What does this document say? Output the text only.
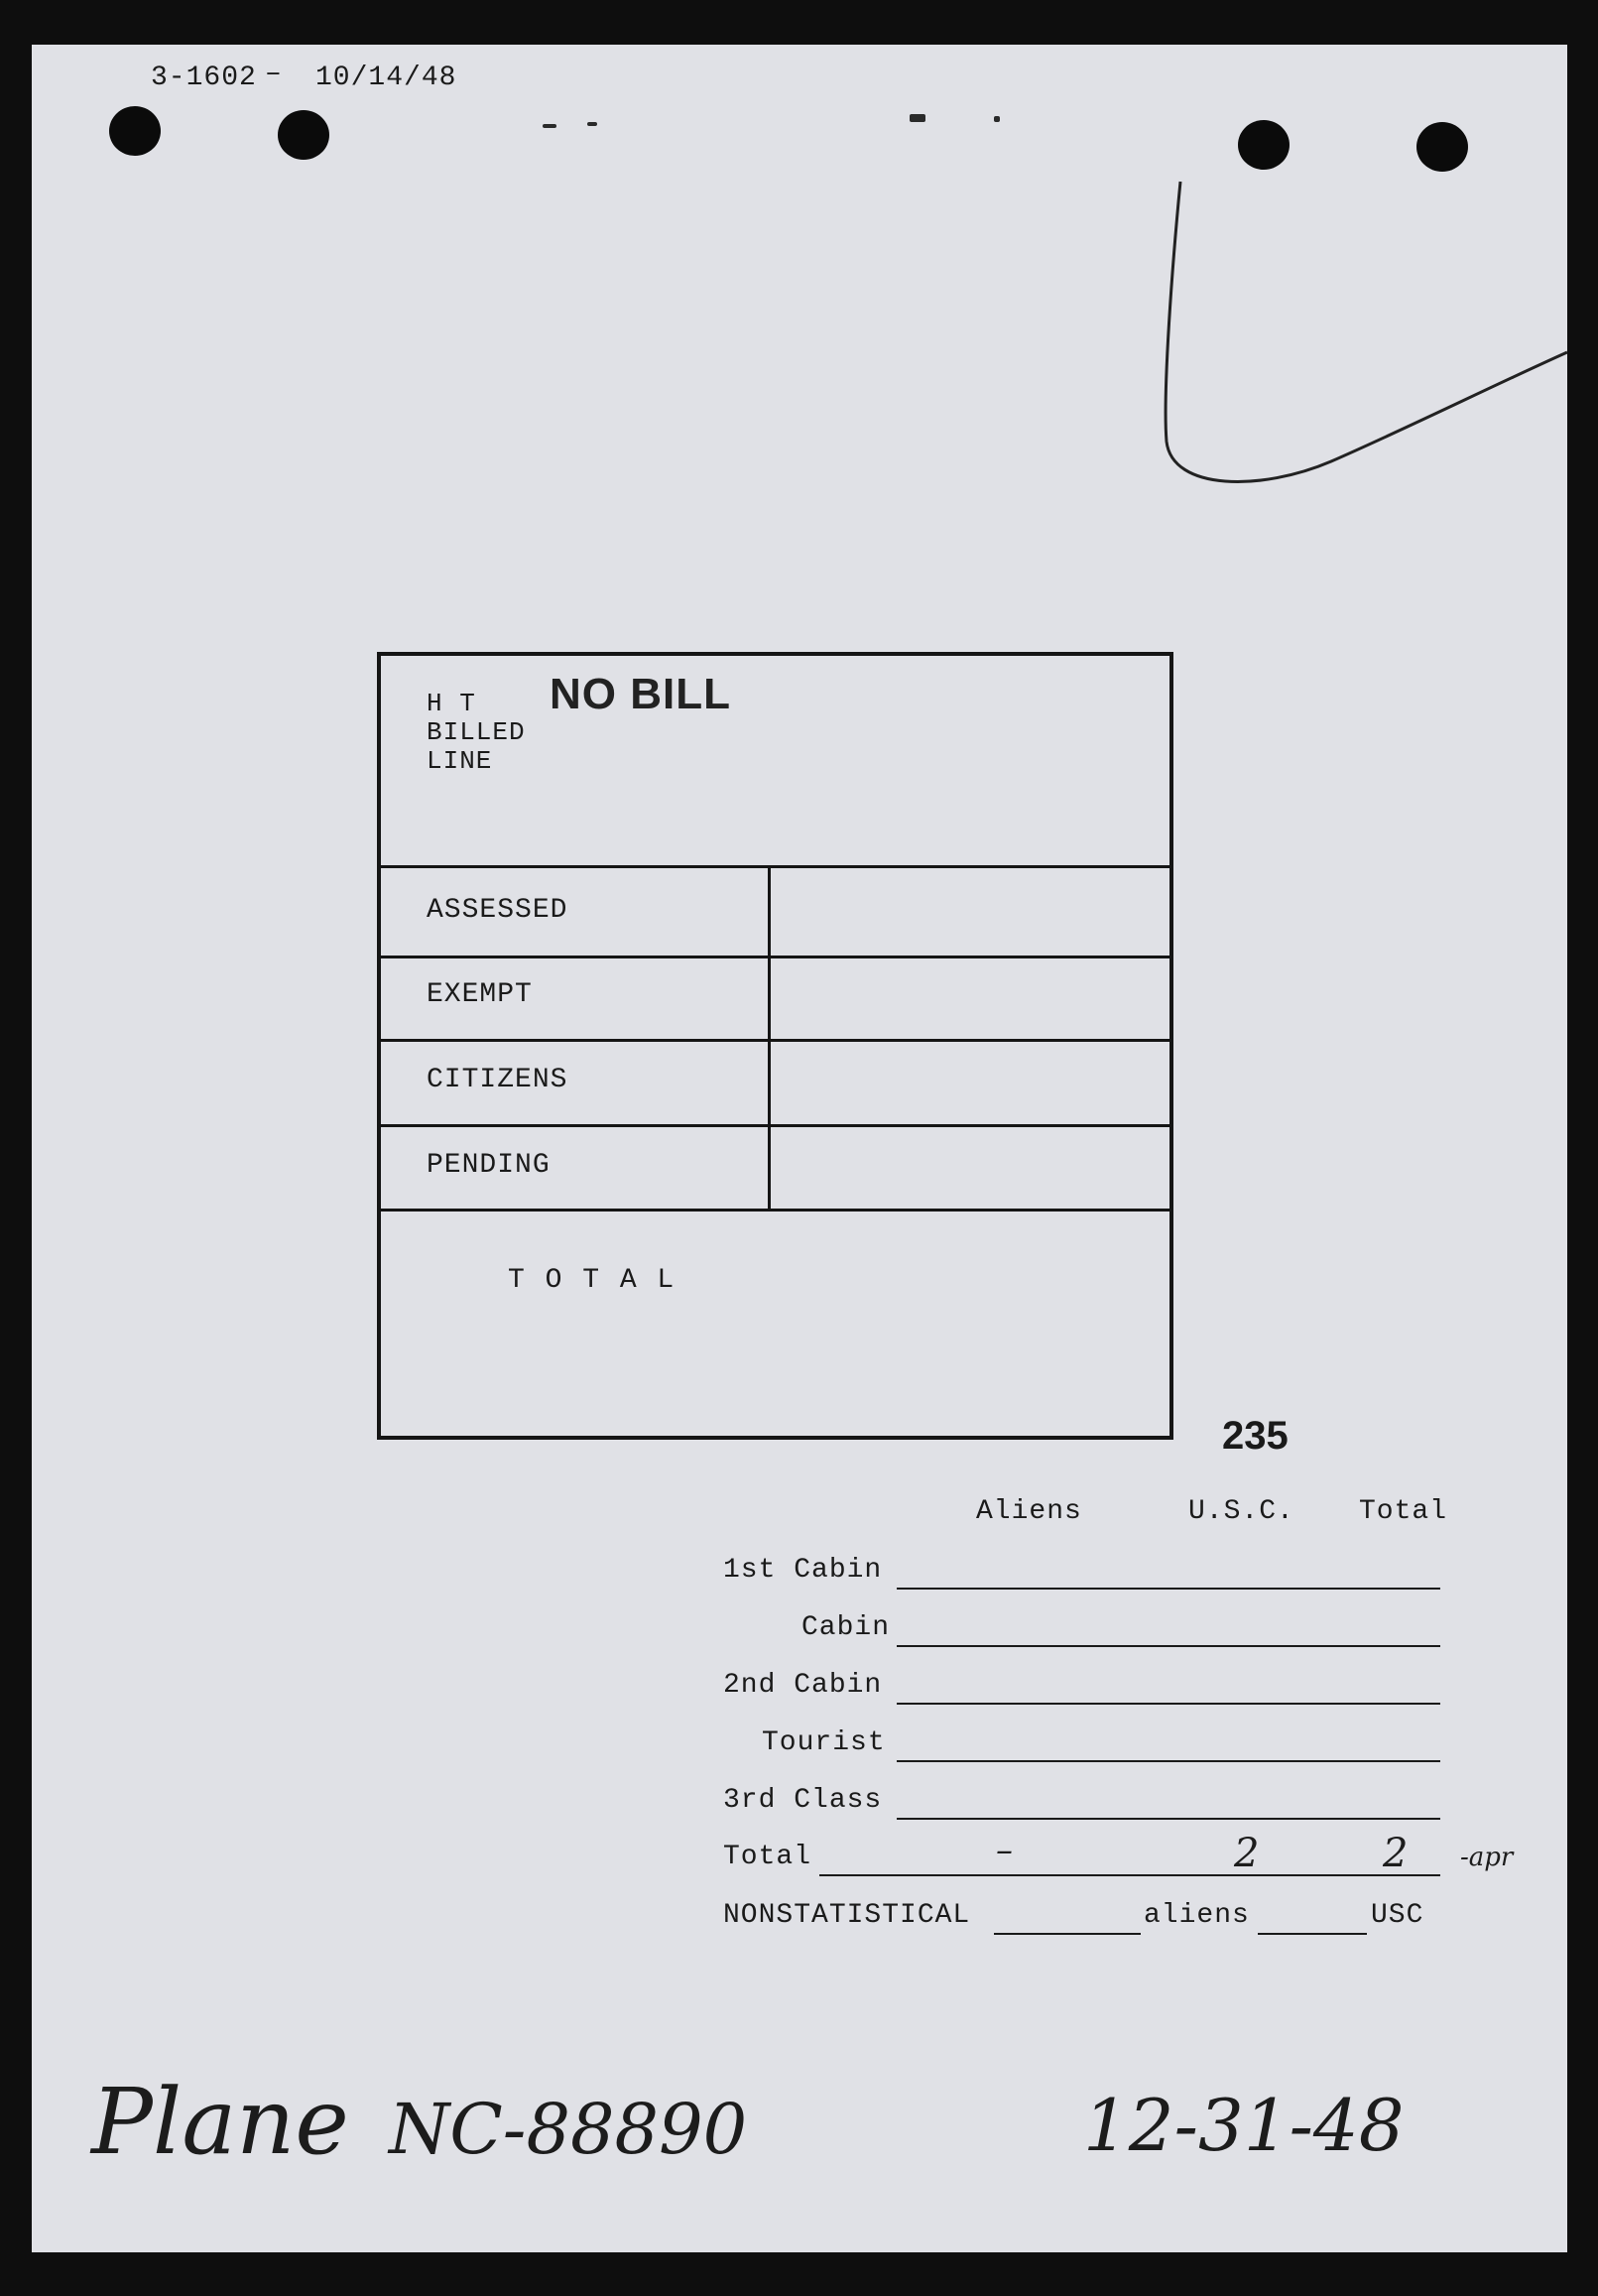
3-1602 – 10/14/48
H T
BILLED
LINE
NO BILL
ASSESSED
EXEMPT
CITIZENS
PENDING
T O T A L
235
Aliens	U.S.C. Total
1st Cabin
Cabin
2nd Cabin
Tourist
3rd Class
Total	–	2	2 -apr
NONSTATISTICAL	aliens	USC
Plane NC-88890	12-31-48
